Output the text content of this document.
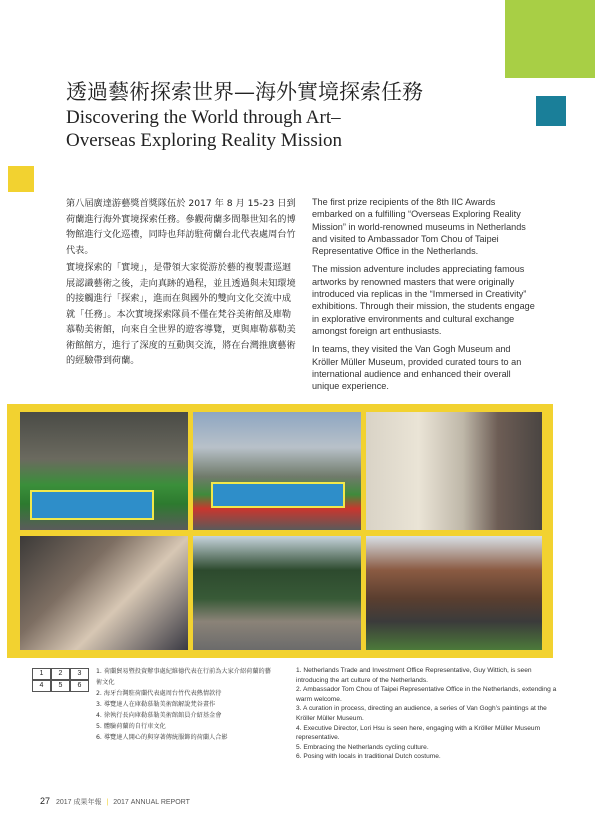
透過藝術探索世界—海外實境探索任務
Discovering the World through Art–
Overseas Exploring Reality Mission

第八屆廣達游藝獎首獎隊伍於 2017 年 8 月 15-23 日到荷蘭進行海外實境探索任務。參觀荷蘭多間舉世知名的博物館進行文化巡禮，同時也拜訪駐荷蘭台北代表處周台竹代表。

實境探索的「實境」，是帶領大家從游於藝的複製畫巡迴展認識藝術之後，走向真跡的過程，並且透過與未知環境的接觸進行「探索」，進而在與國外的雙向文化交流中成就「任務」。本次實境探索隊員不僅在梵谷美術館及庫勒慕勒美術館，向來自全世界的遊客導覽，更與庫勒慕勒美術館館方，進行了深度的互動與交流，將在台灣推廣藝術的經驗帶到荷蘭。

The first prize recipients of the 8th IIC Awards embarked on a fulfilling “Overseas Exploring Reality Mission” in world-renowned museums in Netherlands and visited to Ambassador Tom Chou of Taipei Representative Office in the Netherlands.

The mission adventure includes appreciating famous artworks by renowned masters that were originally introduced via replicas in the “Immersed in Creativity” exhibitions. Through their mission, the students engage in explorative environments and cultural exchange amongst foreign art enthusiasts.

In teams, they visited the Van Gogh Museum and Kröller Müller Museum, provided curated tours to an international audience and enhanced their overall unique experience.

1	2	3
4	5	6
1. 荷蘭貿易暨投資辦事處紀維德代表在行前為大家介紹荷蘭的藝術文化
2. 海牙台灣駐荷蘭代表處周台竹代表熱情款待
3. 導覽達人在庫勒慕勒美術館解說梵谷畫作
4. 徐執行長向庫勒慕勒美術館館員介紹基金會
5. 體驗荷蘭的自行車文化
6. 導覽達人開心的與穿著傳統服飾的荷蘭人合影
1. Netherlands Trade and Investment Office Representative, Guy Wittich, is seen introducing the art culture of the Netherlands.
2. Ambassador Tom Chou of Taipei Representative Office in the Netherlands, extending a warm welcome.
3. A curation in process, directing an audience, a series of Van Gogh’s paintings at the Kröller Müller Museum.
4. Executive Director, Lori Hsu is seen here, engaging with a Kröller Müller Museum representative.
5. Embracing the Netherlands cycling culture.
6. Posing with locals in traditional Dutch costume.
27 2017 成果年報 | 2017 ANNUAL REPORT
